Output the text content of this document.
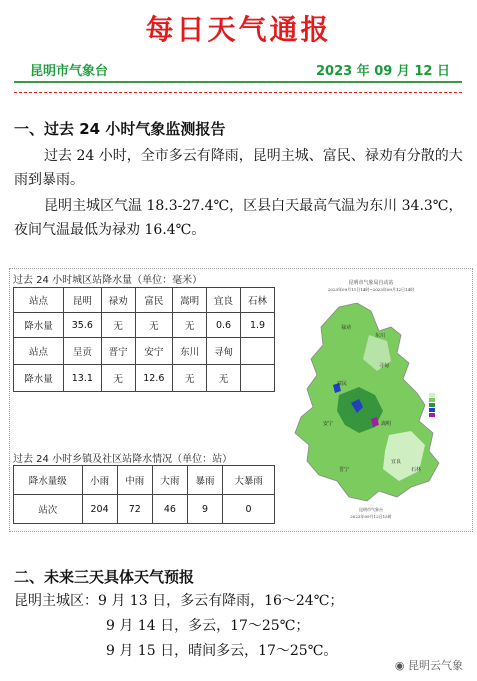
每日天气通报
昆明市气象台	2023 年 09 月 12 日
一、过去 24 小时气象监测报告
过去 24 小时，全市多云有降雨，昆明主城、富民、禄劝有分散的大雨到暴雨。
昆明主城区气温 18.3-27.4℃，区县白天最高气温为东川 34.3℃，夜间气温最低为禄劝 16.4℃。
过去 24 小时城区站降水量（单位：毫米）
站点	昆明	禄劝	富民	嵩明	宜良	石林
降水量	35.6	无	无	无	0.6	1.9
站点	呈贡	晋宁	安宁	东川	寻甸	
降水量	13.1	无	12.6	无	无	
过去 24 小时乡镇及社区站降水情况（单位：站）
降水量级	小雨	中雨	大雨	暴雨	大暴雨
站次	204	72	46	9	0
昆明市气象局自动站
2023年09月11日14时~2023年09月12日14时
富民
寻甸
东川
禄劝
嵩明
安宁
晋宁
宜良
石林
昆明市气象台
2023年09月12日15时
二、未来三天具体天气预报
昆明主城区：9 月 13 日，多云有降雨，16～24℃；
9 月 14 日，多云，17～25℃；
9 月 15 日，晴间多云，17～25℃。
◉ 昆明云气象
